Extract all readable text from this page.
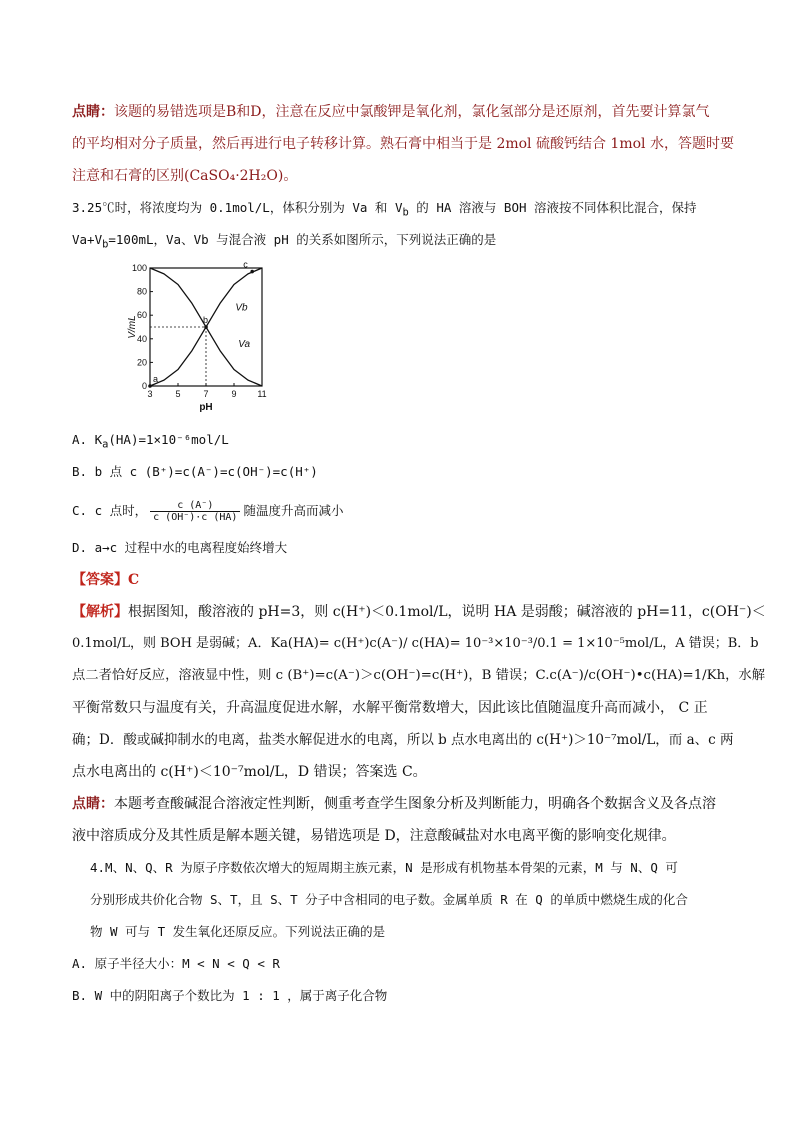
点睛：该题的易错选项是B和D，注意在反应中氯酸钾是氧化剂，氯化氢部分是还原剂，首先要计算氯气
的平均相对分子质量，然后再进行电子转移计算。熟石膏中相当于是 2mol 硫酸钙结合 1mol 水，答题时要
注意和石膏的区别(CaSO₄·2H₂O)。
3.25℃时，将浓度均为 0.1mol/L，体积分别为 Va 和 $V_b$ 的 HA 溶液与 BOH 溶液按不同体积比混合，保持
$Va+V_b=100mL$，Va、Vb 与混合液 pH 的关系如图所示，下列说法正确的是
3	5	7	9 11
0
20
40
60
80
100
pH
V/mL
Vb
Va
a
b
c
A. $K_a(HA)=1\times 10^{-6}mol/L$
B. b 点 c (B⁺)=c(A⁻)=c(OH⁻)=c(H⁺)
C. c 点时， $\frac{c (A^-)}{c (OH^-)\cdot c (HA)}$ 随温度升高而减小
D. a→c 过程中水的电离程度始终增大
【答案】C
【解析】根据图知，酸溶液的 pH=3，则 c(H⁺)＜0.1mol/L，说明 HA 是弱酸；碱溶液的 pH=11，c(OH⁻)＜
0.1mol/L，则 BOH 是弱碱；A．Ka(HA)= c(H⁺)c(A⁻)/ c(HA)= 10⁻³×10⁻³/0.1 = 1×10⁻⁵mol/L，A 错误；B．b
点二者恰好反应，溶液显中性，则 c (B⁺)=c(A⁻)＞c(OH⁻)=c(H⁺)，B 错误；C.c(A⁻)/c(OH⁻)•c(HA)=1/Kh，水解
平衡常数只与温度有关，升高温度促进水解，水解平衡常数增大，因此该比值随温度升高而减小， C 正
确；D．酸或碱抑制水的电离，盐类水解促进水的电离，所以 b 点水电离出的 c(H⁺)＞10⁻⁷mol/L，而 a、c 两
点水电离出的 c(H⁺)＜10⁻⁷mol/L，D 错误；答案选 C。
点睛：本题考查酸碱混合溶液定性判断，侧重考查学生图象分析及判断能力，明确各个数据含义及各点溶
液中溶质成分及其性质是解本题关键，易错选项是 D，注意酸碱盐对水电离平衡的影响变化规律。
4.M、N、Q、R 为原子序数依次增大的短周期主族元素，N 是形成有机物基本骨架的元素，M 与 N、Q 可
分别形成共价化合物 S、T，且 S、T 分子中含相同的电子数。金属单质 R 在 Q 的单质中燃烧生成的化合
物 W 可与 T 发生氧化还原反应。下列说法正确的是
A. 原子半径大小：M < N < Q < R
B. W 中的阴阳离子个数比为 1 : 1 ，属于离子化合物
